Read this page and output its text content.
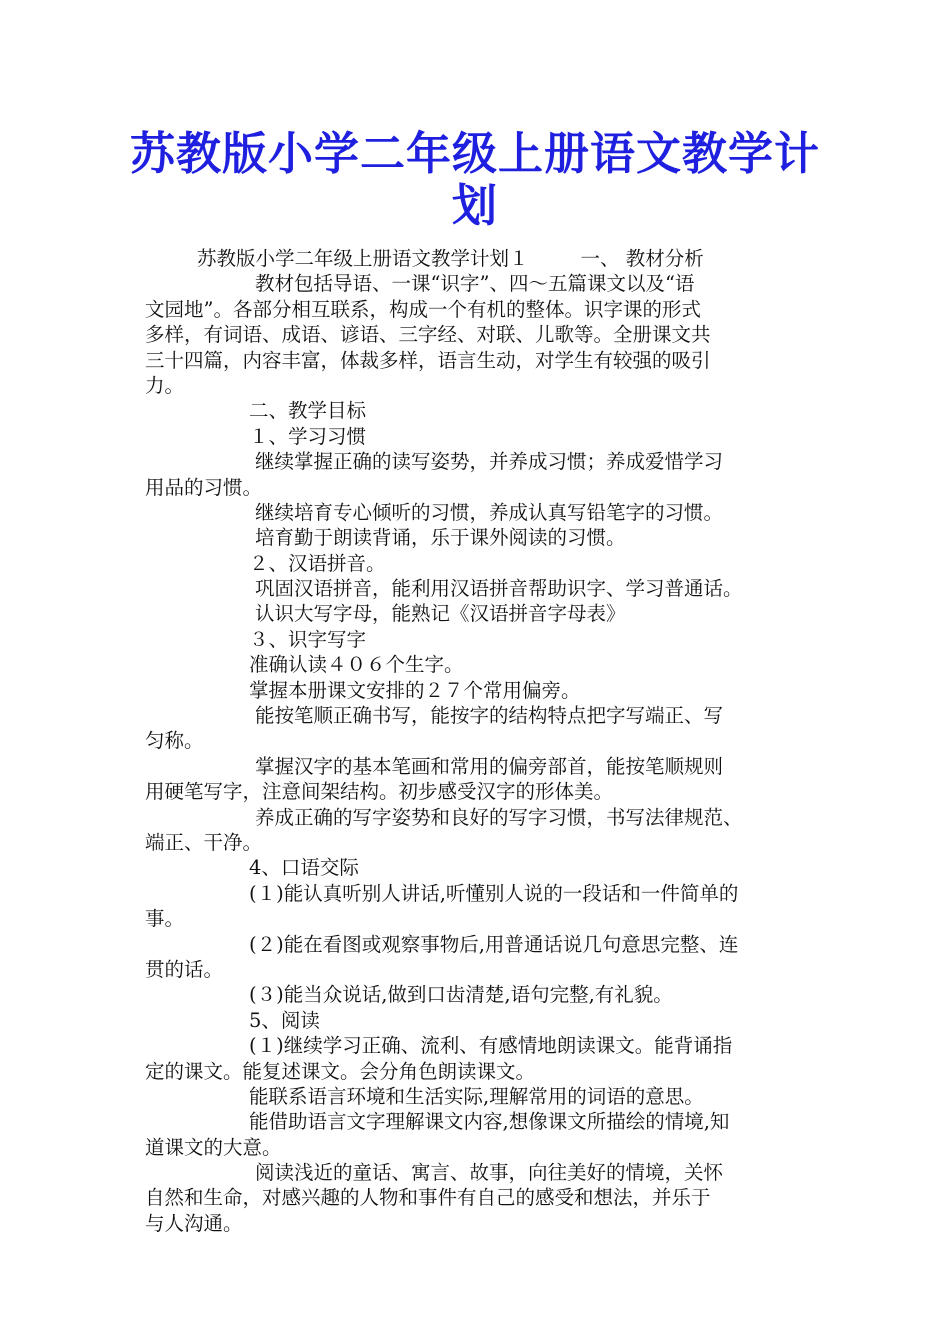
苏教版小学二年级上册语文教学计
划
苏教版小学二年级上册语文教学计划１	一、 教材分析
教材包括导语、一课“识字”、四～五篇课文以及“语
文园地”。各部分相互联系，构成一个有机的整体。识字课的形式
多样，有词语、成语、谚语、三字经、对联、儿歌等。全册课文共
三十四篇，内容丰富，体裁多样，语言生动，对学生有较强的吸引
力。
二、教学目标
１、学习习惯
继续掌握正确的读写姿势，并养成习惯；养成爱惜学习
用品的习惯。
继续培育专心倾听的习惯，养成认真写铅笔字的习惯。
培育勤于朗读背诵，乐于课外阅读的习惯。
２、汉语拼音。
巩固汉语拼音，能利用汉语拼音帮助识字、学习普通话。
认识大写字母，能熟记《汉语拼音字母表》
３、识字写字
准确认读４０６个生字。
掌握本册课文安排的２７个常用偏旁。
能按笔顺正确书写，能按字的结构特点把字写端正、写
匀称。
掌握汉字的基本笔画和常用的偏旁部首，能按笔顺规则
用硬笔写字，注意间架结构。初步感受汉字的形体美。
养成正确的写字姿势和良好的写字习惯，书写法律规范、
端正、干净。
4、口语交际
(１)能认真听别人讲话,听懂别人说的一段话和一件简单的
事。
(２)能在看图或观察事物后,用普通话说几句意思完整、连
贯的话。
(３)能当众说话,做到口齿清楚,语句完整,有礼貌。
5、阅读
(１)继续学习正确、流利、有感情地朗读课文。能背诵指
定的课文。能复述课文。会分角色朗读课文。
能联系语言环境和生活实际,理解常用的词语的意思。
能借助语言文字理解课文内容,想像课文所描绘的情境,知
道课文的大意。
阅读浅近的童话、寓言、故事，向往美好的情境，关怀
自然和生命，对感兴趣的人物和事件有自己的感受和想法，并乐于
与人沟通。
